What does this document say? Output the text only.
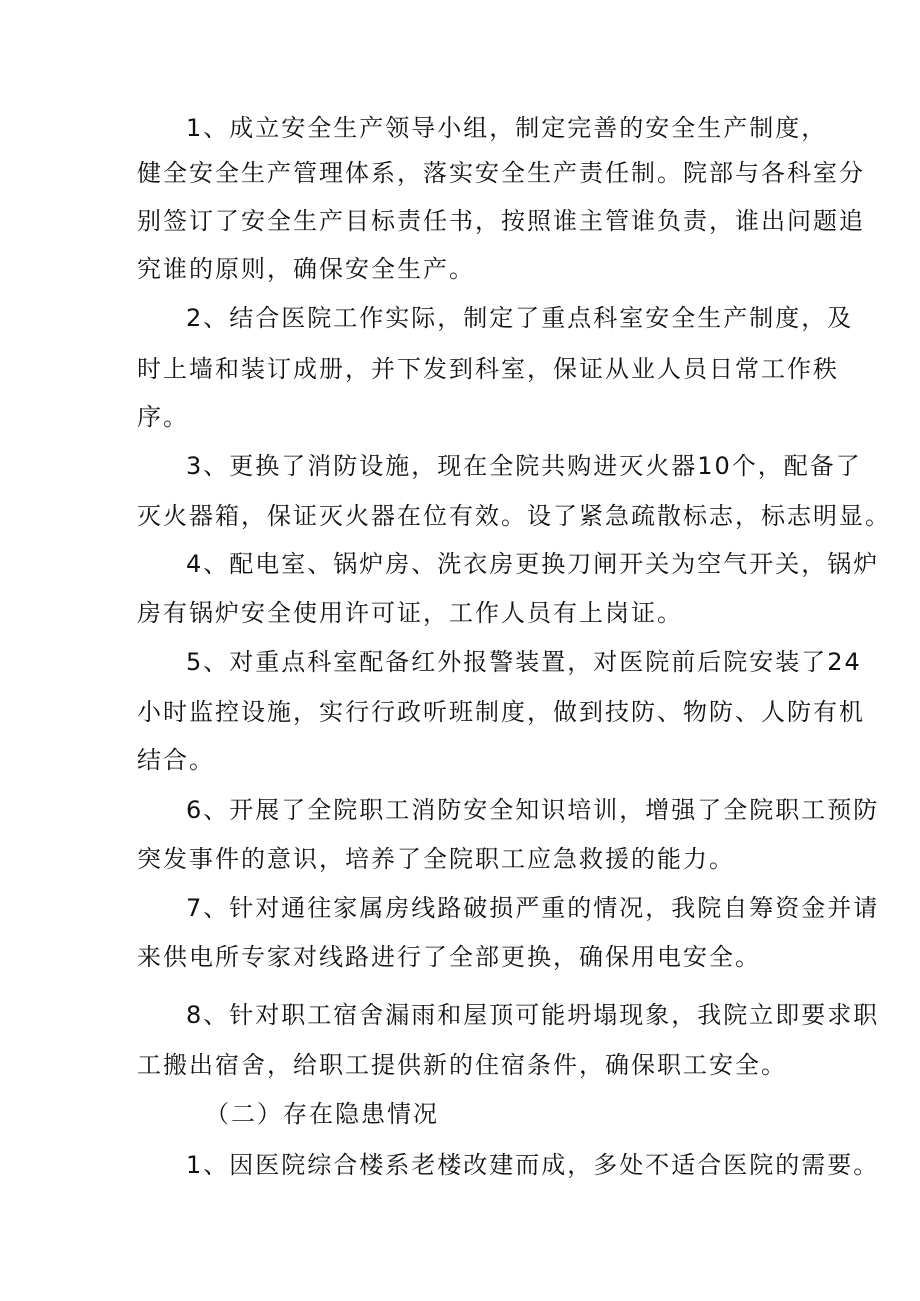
1、成立安全生产领导小组，制定完善的安全生产制度，
健全安全生产管理体系，落实安全生产责任制。院部与各科室分
别签订了安全生产目标责任书，按照谁主管谁负责，谁出问题追
究谁的原则，确保安全生产。
2、结合医院工作实际，制定了重点科室安全生产制度，及
时上墙和装订成册，并下发到科室，保证从业人员日常工作秩
序。
3、更换了消防设施，现在全院共购进灭火器10个，配备了
灭火器箱，保证灭火器在位有效。设了紧急疏散标志，标志明显。
4、配电室、锅炉房、洗衣房更换刀闸开关为空气开关，锅炉
房有锅炉安全使用许可证，工作人员有上岗证。
5、对重点科室配备红外报警装置，对医院前后院安装了24
小时监控设施，实行行政听班制度，做到技防、物防、人防有机
结合。
6、开展了全院职工消防安全知识培训，增强了全院职工预防
突发事件的意识，培养了全院职工应急救援的能力。
7、针对通往家属房线路破损严重的情况，我院自筹资金并请
来供电所专家对线路进行了全部更换，确保用电安全。
8、针对职工宿舍漏雨和屋顶可能坍塌现象，我院立即要求职
工搬出宿舍，给职工提供新的住宿条件，确保职工安全。
（二）存在隐患情况
1、因医院综合楼系老楼改建而成，多处不适合医院的需要。
